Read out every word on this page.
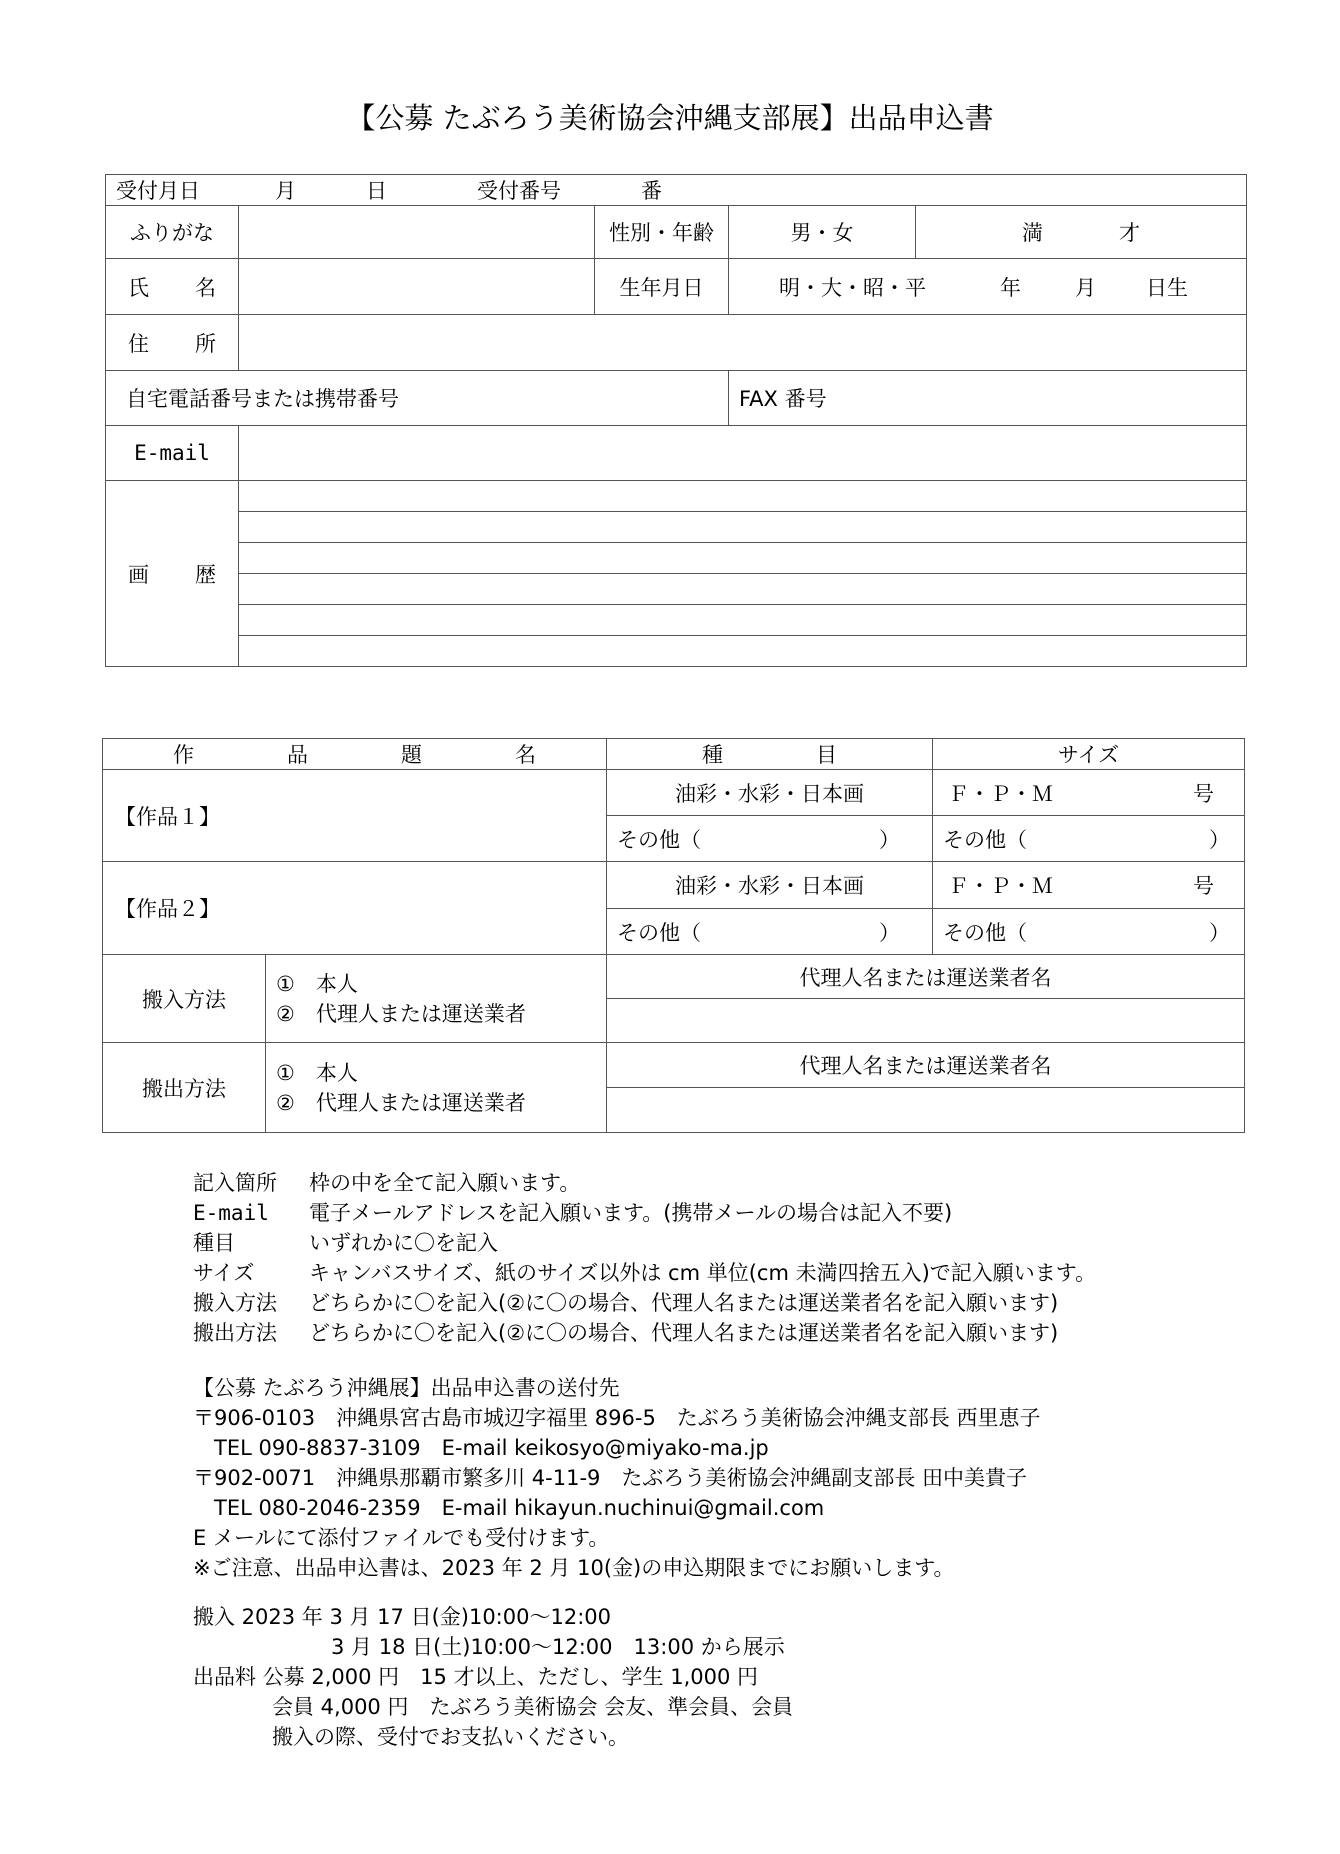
【公募 たぶろう美術協会沖縄支部展】出品申込書
受付月日 月 日 受付番号 番				

ふりがな		性別・年齢	男・女	満 才

氏 名		生年月日	明・大・昭・平 年 月 日生	

住 所				

自宅電話番号または携帯番号			FAX 番号	
E-mail				

画 歴				

作 品 題 名		種 目	サイズ
【作品１】		油彩・水彩・日本画	Ｆ・Ｐ・Ｍ 号

		その他（ ）	その他（ ）

【作品２】		油彩・水彩・日本画	Ｆ・Ｐ・Ｍ 号

		その他（ ）	その他（ ）

搬入方法	①　本人
②　代理人または運送業者	代理人名または運送業者名	

搬出方法	①　本人
②　代理人または運送業者	代理人名または運送業者名	

記入箇所	枠の中を全て記入願います。
E-mail	電子メールアドレスを記入願います。(携帯メールの場合は記入不要)
種目	いずれかに〇を記入
サイズ	キャンバスサイズ、紙のサイズ以外は cm 単位(cm 未満四捨五入)で記入願います。
搬入方法	どちらかに〇を記入(②に〇の場合、代理人名または運送業者名を記入願います)
搬出方法	どちらかに〇を記入(②に〇の場合、代理人名または運送業者名を記入願います)
【公募 たぶろう沖縄展】出品申込書の送付先
〒906-0103　沖縄県宮古島市城辺字福里 896-5　たぶろう美術協会沖縄支部長 西里恵子
　TEL 090-8837-3109　E-mail keikosyo@miyako-ma.jp
〒902-0071　沖縄県那覇市繁多川 4-11-9　たぶろう美術協会沖縄副支部長 田中美貴子
　TEL 080-2046-2359　E-mail hikayun.nuchinui@gmail.com
E メールにて添付ファイルでも受付けます。
※ご注意、出品申込書は、2023 年 2 月 10(金)の申込期限までにお願いします。
搬入 2023 年 3 月 17 日(金)10:00～12:00
3 月 18 日(土)10:00～12:00　13:00 から展示
出品料 公募 2,000 円　15 才以上、ただし、学生 1,000 円
会員 4,000 円　たぶろう美術協会 会友、準会員、会員
搬入の際、受付でお支払いください。
